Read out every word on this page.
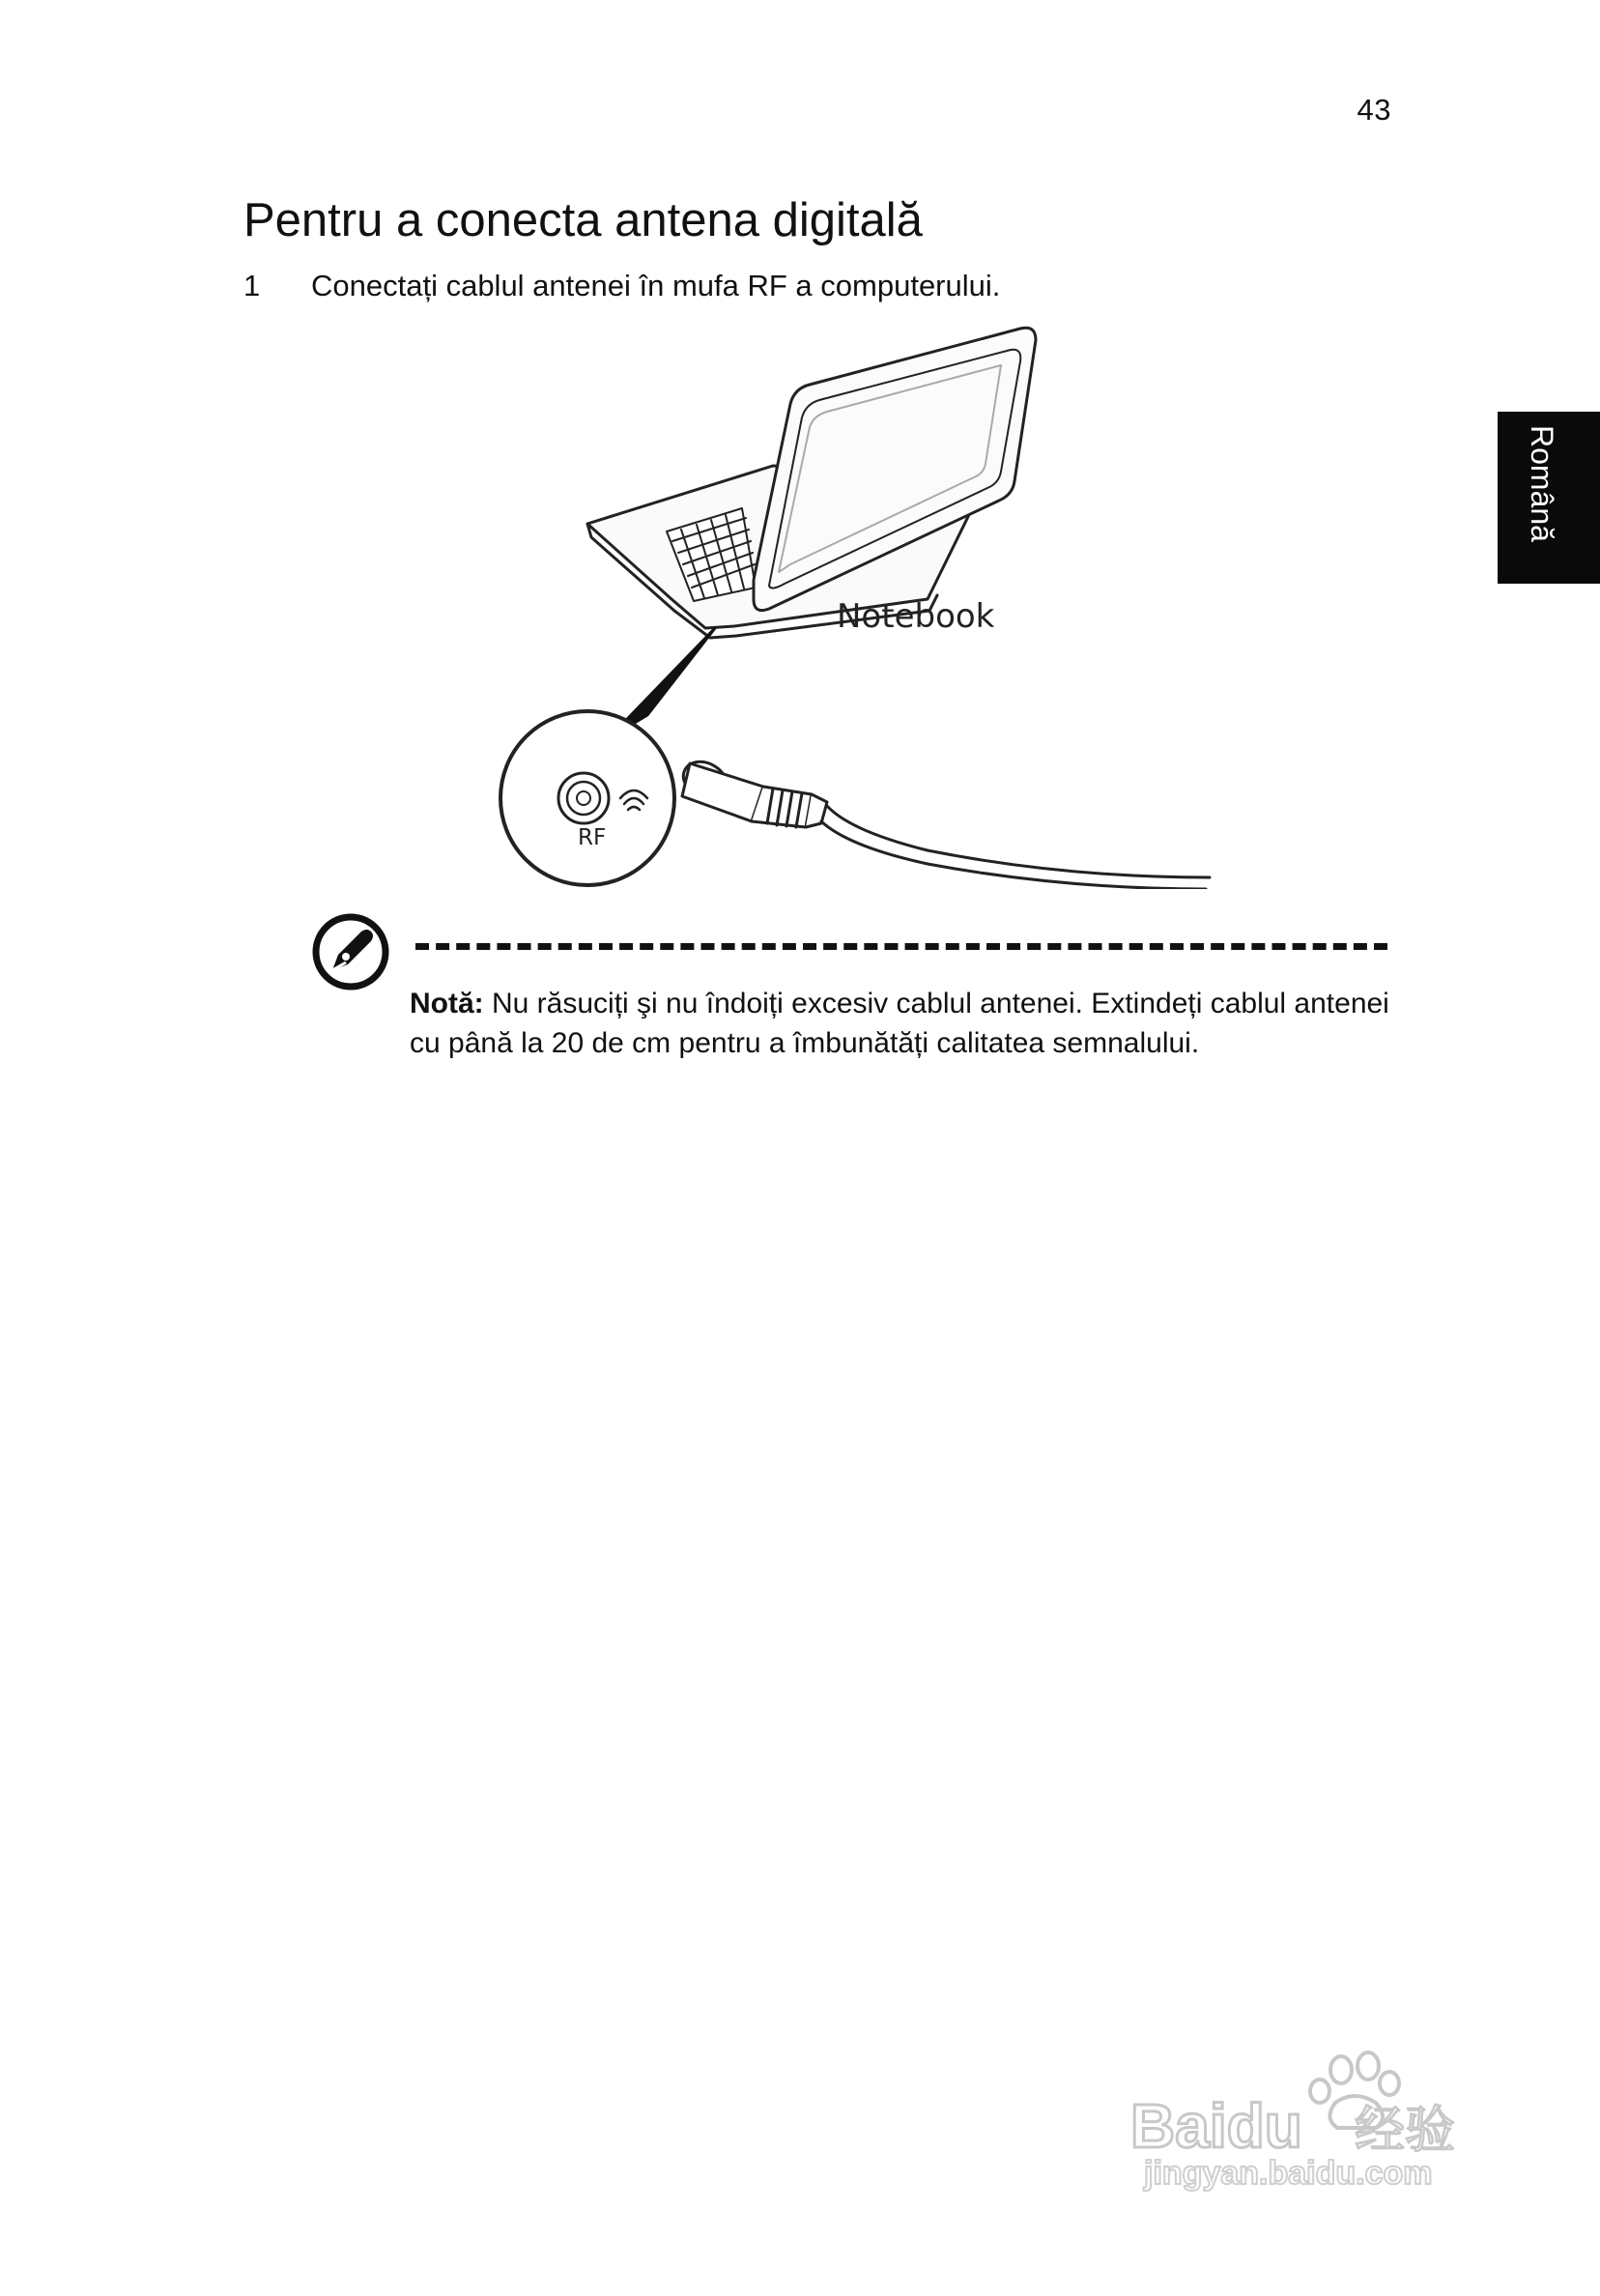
43
Pentru a conecta antena digitală
1 Conectați cablul antenei în mufa RF a computerului.
Română
Notebook
RF
Notă: Nu răsuciți şi nu îndoiți excesiv cablul antenei. Extindeți cablul antenei cu până la 20 de cm pentru a îmbunătăți calitatea semnalului.
Baidu 经验
jingyan.baidu.com
